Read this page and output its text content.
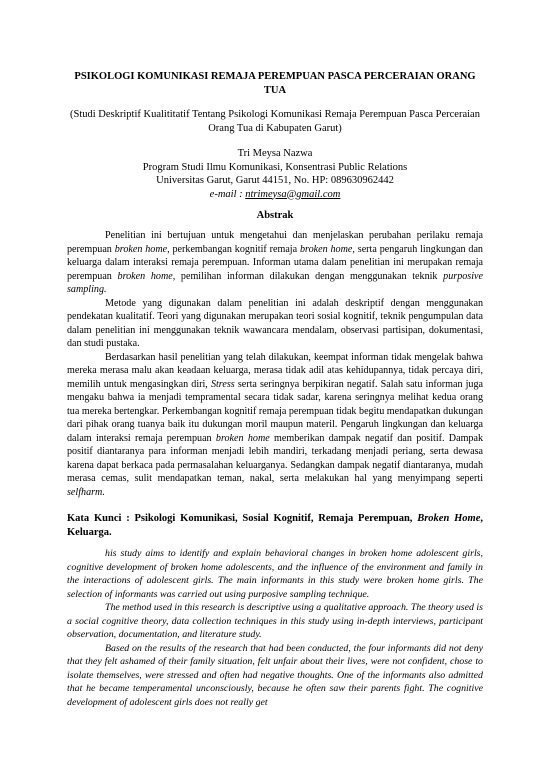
PSIKOLOGI KOMUNIKASI REMAJA PEREMPUAN PASCA PERCERAIAN ORANG TUA

(Studi Deskriptif Kualititatif Tentang Psikologi Komunikasi Remaja Perempuan Pasca Perceraian Orang Tua di Kabupaten Garut)

Tri Meysa Nazwa
Program Studi Ilmu Komunikasi, Konsentrasi Public Relations
Universitas Garut, Garut 44151, No. HP: 089630962442
e-mail : ntrimeysa@gmail.com
Abstrak

Penelitian ini bertujuan untuk mengetahui dan menjelaskan perubahan perilaku remaja perempuan broken home, perkembangan kognitif remaja broken home, serta pengaruh lingkungan dan keluarga dalam interaksi remaja perempuan. Informan utama dalam penelitian ini merupakan remaja perempuan broken home, pemilihan informan dilakukan dengan menggunakan teknik purposive sampling.

Metode yang digunakan dalam penelitian ini adalah deskriptif dengan menggunakan pendekatan kualitatif. Teori yang digunakan merupakan teori sosial kognitif, teknik pengumpulan data dalam penelitian ini menggunakan teknik wawancara mendalam, observasi partisipan, dokumentasi, dan studi pustaka.

Berdasarkan hasil penelitian yang telah dilakukan, keempat informan tidak mengelak bahwa mereka merasa malu akan keadaan keluarga, merasa tidak adil atas kehidupannya, tidak percaya diri, memilih untuk mengasingkan diri, Stress serta seringnya berpikiran negatif. Salah satu informan juga mengaku bahwa ia menjadi tempramental secara tidak sadar, karena seringnya melihat kedua orang tua mereka bertengkar. Perkembangan kognitif remaja perempuan tidak begitu mendapatkan dukungan dari pihak orang tuanya baik itu dukungan moril maupun materil. Pengaruh lingkungan dan keluarga dalam interaksi remaja perempuan broken home memberikan dampak negatif dan positif. Dampak positif diantaranya para informan menjadi lebih mandiri, terkadang menjadi periang, serta dewasa karena dapat berkaca pada permasalahan keluarganya. Sedangkan dampak negatif diantaranya, mudah merasa cemas, sulit mendapatkan teman, nakal, serta melakukan hal yang menyimpang seperti selfharm.

Kata Kunci : Psikologi Komunikasi, Sosial Kognitif, Remaja Perempuan, Broken Home, Keluarga.

his study aims to identify and explain behavioral changes in broken home adolescent girls, cognitive development of broken home adolescents, and the influence of the environment and family in the interactions of adolescent girls. The main informants in this study were broken home girls. The selection of informants was carried out using purposive sampling technique.

The method used in this research is descriptive using a qualitative approach. The theory used is a social cognitive theory, data collection techniques in this study using in-depth interviews, participant observation, documentation, and literature study.

Based on the results of the research that had been conducted, the four informants did not deny that they felt ashamed of their family situation, felt unfair about their lives, were not confident, chose to isolate themselves, were stressed and often had negative thoughts. One of the informants also admitted that he became temperamental unconsciously, because he often saw their parents fight. The cognitive development of adolescent girls does not really get
